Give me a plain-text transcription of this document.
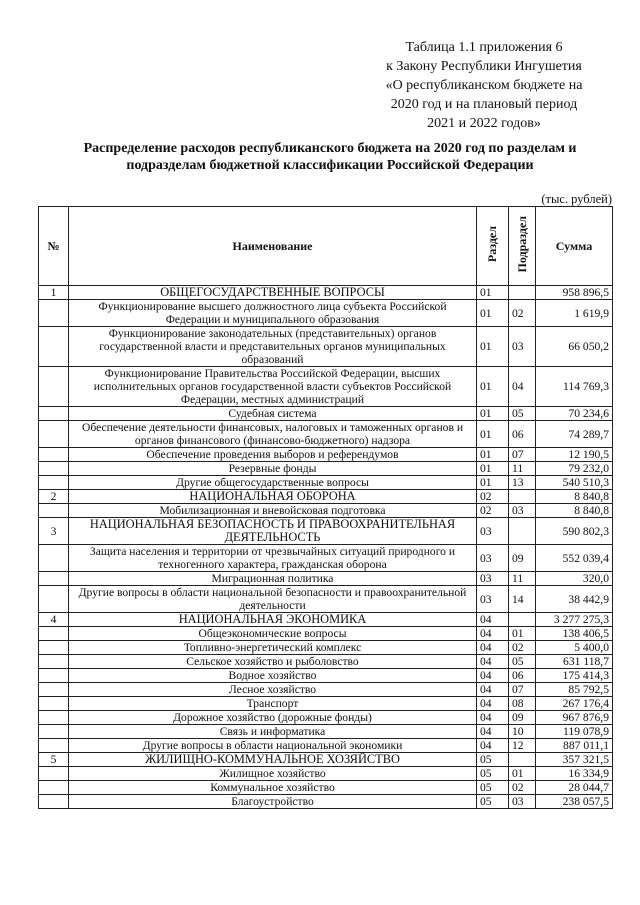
Таблица 1.1 приложения 6
к Закону Республики Ингушетия
«О республиканском бюджете на
2020 год и на плановый период
2021 и 2022 годов»
Распределение расходов республиканского бюджета на 2020 год по разделам и подразделам бюджетной классификации Российской Федерации
(тыс. рублей)
№	Наименование	Раздел	Подраздел	Сумма
1	ОБЩЕГОСУДАРСТВЕННЫЕ ВОПРОСЫ	01		958 896,5
	Функционирование высшего должностного лица субъекта Российской Федерации и муниципального образования	01	02	1 619,9
	Функционирование законодательных (представительных) органов государственной власти и представительных органов муниципальных образований	01	03	66 050,2
	Функционирование Правительства Российской Федерации, высших исполнительных органов государственной власти субъектов Российской Федерации, местных администраций	01	04	114 769,3
	Судебная система	01	05	70 234,6
	Обеспечение деятельности финансовых, налоговых и таможенных органов и органов финансового (финансово-бюджетного) надзора	01	06	74 289,7
	Обеспечение проведения выборов и референдумов	01	07	12 190,5
	Резервные фонды	01	11	79 232,0
	Другие общегосударственные вопросы	01	13	540 510,3
2	НАЦИОНАЛЬНАЯ ОБОРОНА	02		8 840,8
	Мобилизационная и вневойсковая подготовка	02	03	8 840,8
3	НАЦИОНАЛЬНАЯ БЕЗОПАСНОСТЬ И ПРАВООХРАНИТЕЛЬНАЯ ДЕЯТЕЛЬНОСТЬ	03		590 802,3
	Защита населения и территории от чрезвычайных ситуаций природного и техногенного характера, гражданская оборона	03	09	552 039,4
	Миграционная политика	03	11	320,0
	Другие вопросы в области национальной безопасности и правоохранительной деятельности	03	14	38 442,9
4	НАЦИОНАЛЬНАЯ ЭКОНОМИКА	04		3 277 275,3
	Общеэкономические вопросы	04	01	138 406,5
	Топливно-энергетический комплекс	04	02	5 400,0
	Сельское хозяйство и рыболовство	04	05	631 118,7
	Водное хозяйство	04	06	175 414,3
	Лесное хозяйство	04	07	85 792,5
	Транспорт	04	08	267 176,4
	Дорожное хозяйство (дорожные фонды)	04	09	967 876,9
	Связь и информатика	04	10	119 078,9
	Другие вопросы в области национальной экономики	04	12	887 011,1
5	ЖИЛИЩНО-КОММУНАЛЬНОЕ ХОЗЯЙСТВО	05		357 321,5
	Жилищное хозяйство	05	01	16 334,9
	Коммунальное хозяйство	05	02	28 044,7
	Благоустройство	05	03	238 057,5
